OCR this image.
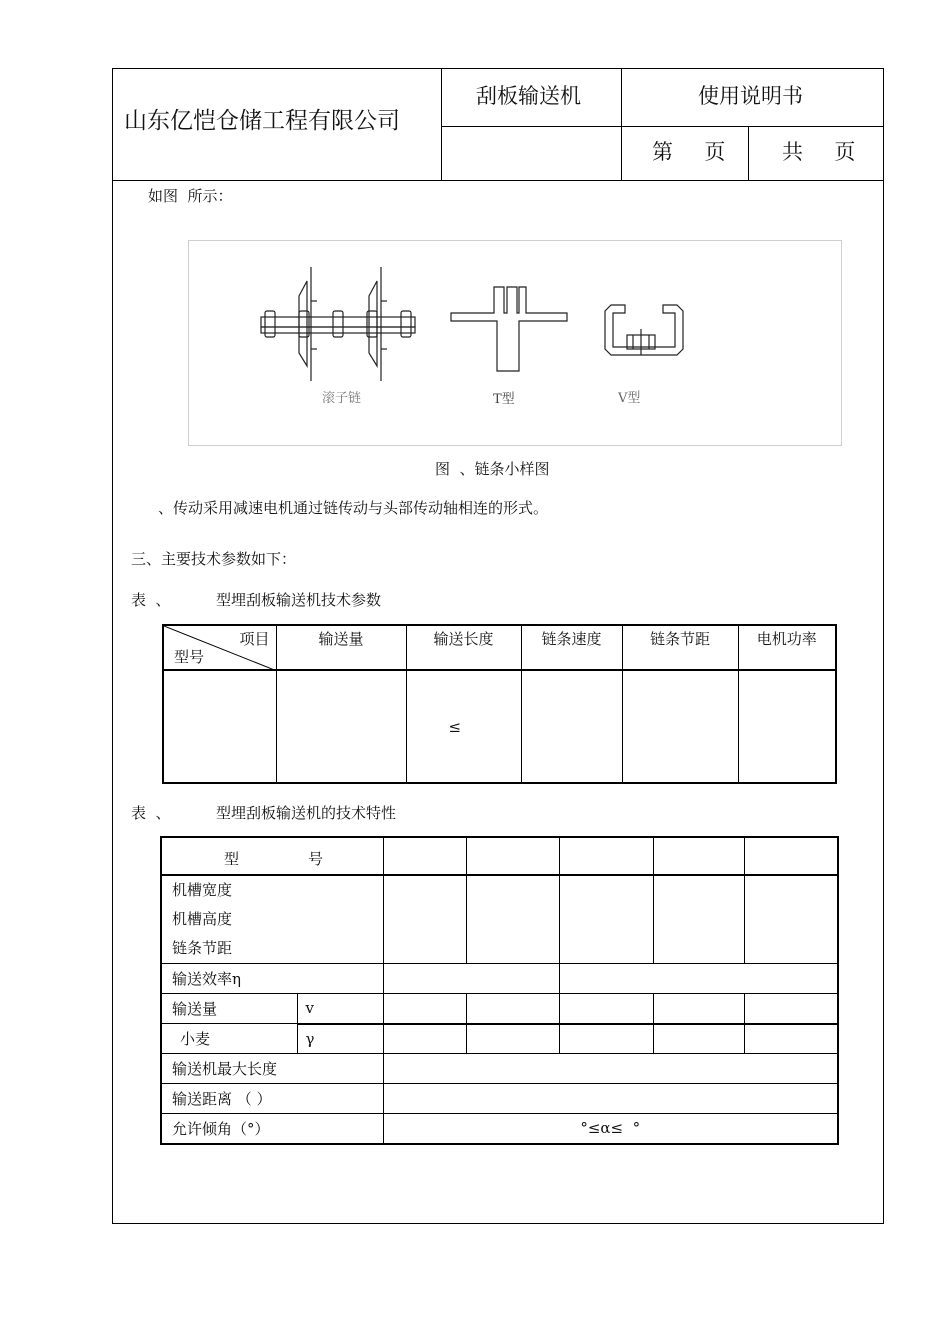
山东亿恺仓储工程有限公司
刮板输送机	使用说明书
第  页 共  页
如图  所示：
滚子链	T型	V型
图  、链条小样图
、传动采用减速电机通过链传动与头部传动轴相连的形式。
三、主要技术参数如下：
表  、	型埋刮板输送机技术参数
项目
型号	输送量	输送长度	链条速度	链条节距	电机功率
		≤			
表  、	型埋刮板输送机的技术特性
型 号						

机槽宽度
机槽高度
链条节距						

输送效率η						
输送量	v					
小麦	γ					
输送机最大长度						
输送距离 （ ）						
允许倾角（°）		°≤α≤  °				
